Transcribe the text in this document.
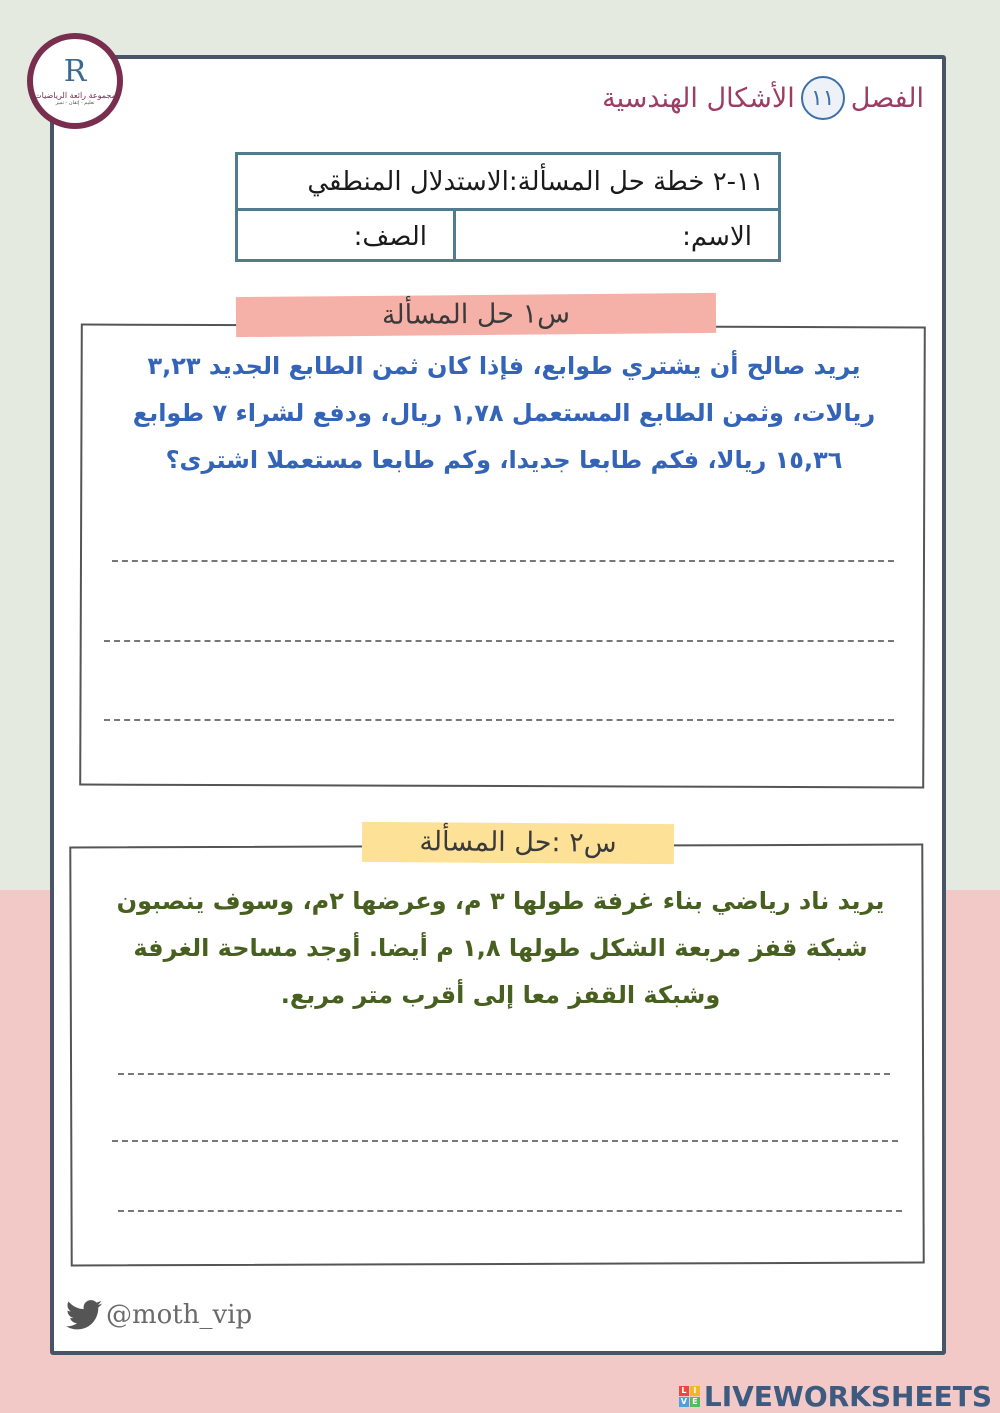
R
مجموعة رائعة الرياضيات
تعليم - إتقان - تميز	الفصل
١١
الأشكال الهندسية
١١-٢ خطة حل المسألة:الاستدلال المنطقي
الاسم:
الصف:
س١ حل المسألة
يريد صالح أن يشتري طوابع، فإذا كان ثمن الطابع الجديد ٣,٢٣
ريالات، وثمن الطابع المستعمل ١,٧٨ ريال، ودفع لشراء ٧ طوابع
١٥,٣٦ ريالا، فكم طابعا جديدا، وكم طابعا مستعملا اشترى؟
س٢ :حل المسألة
يريد ناد رياضي بناء غرفة طولها ٣ م، وعرضها ٢م، وسوف ينصبون
شبكة قفز مربعة الشكل طولها ١,٨ م أيضا. أوجد مساحة الغرفة
وشبكة القفز معا إلى أقرب متر مربع.
@moth_vip
L I
V E LIVEWORKSHEETS
